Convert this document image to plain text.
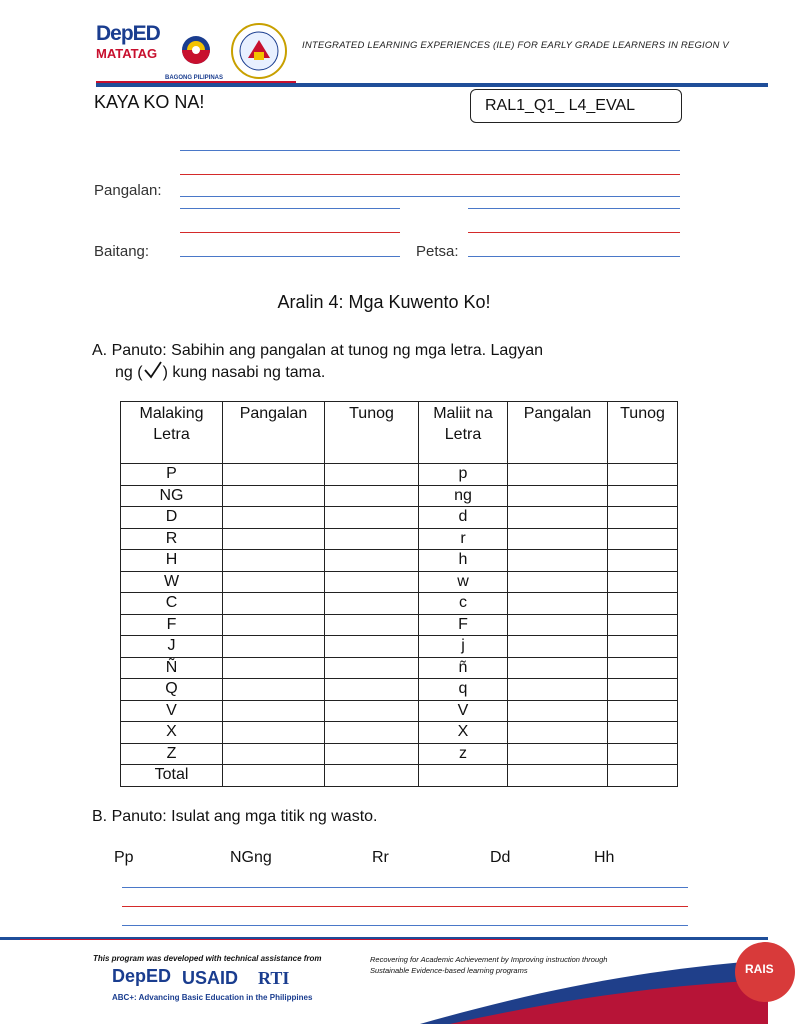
DepED
MATATAG
BAGONG PILIPINAS
INTEGRATED LEARNING EXPERIENCES (ILE) FOR EARLY GRADE LEARNERS IN REGION V
KAYA KO NA!	RAL1_Q1_ L4_EVAL
Pangalan:
Baitang:	Petsa:
Aralin 4: Mga Kuwento Ko!
A. Panuto: Sabihin ang pangalan at tunog ng mga letra. Lagyan
ng ( ) kung nasabi ng tama.
Malaking Letra	Pangalan	Tunog	Maliit na Letra	Pangalan	Tunog
P			p		
NG			ng		
D			d		
R			r		
H			h		
W			w		
C			c		
F			F		
J			j		
Ñ			ñ		
Q			q		
V			V		
X			X		
Z			z		
Total					
B. Panuto: Isulat ang mga titik ng wasto.
Pp	NGng	Rr	Dd	Hh
This program was developed with technical assistance from	Recovering for Academic Achievement by Improving instruction through
Sustainable Evidence-based learning programs
DepED USAID RTI
ABC+: Advancing Basic Education in the Philippines
RAIS
